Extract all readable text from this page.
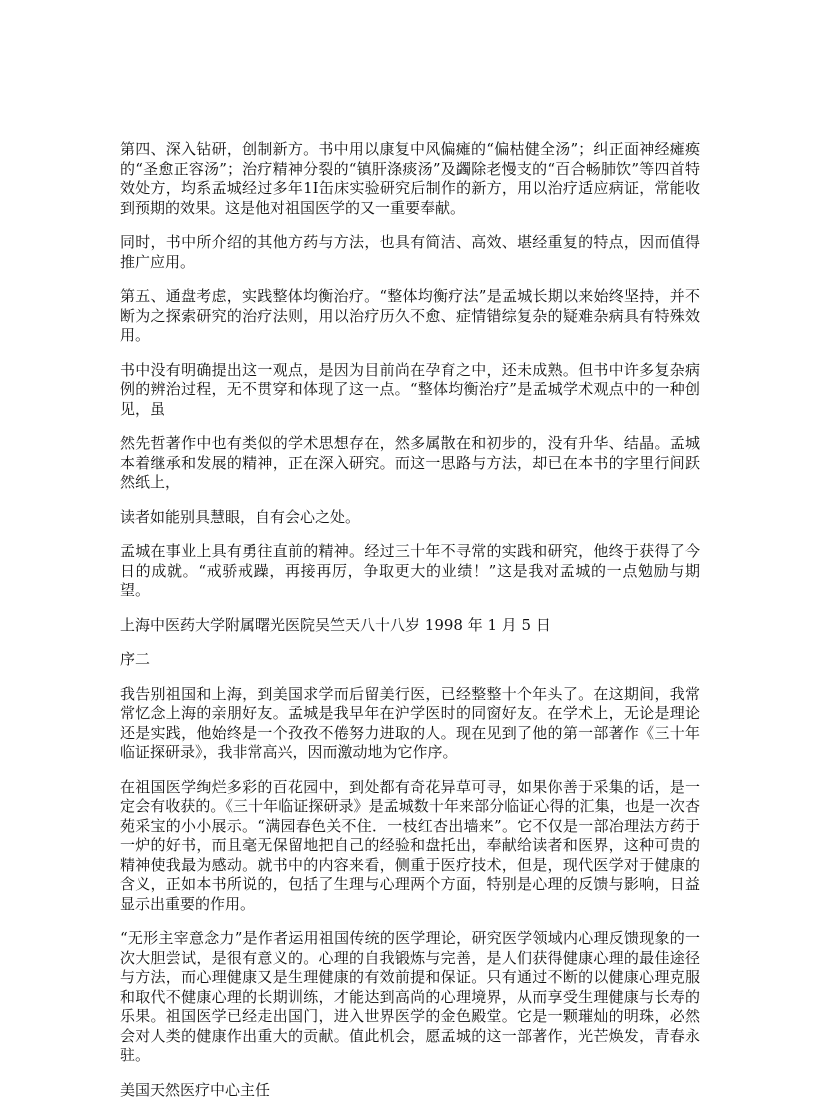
第四、深入钻研，创制新方。书中用以康复中风偏瘫的“偏枯健全汤”；纠正面神经瘫痪的“圣愈正容汤”；治疗精神分裂的“镇肝涤痰汤”及蠲除老慢支的“百合畅肺饮”等四首特效处方，均系孟城经过多年1I缶床实验研究后制作的新方，用以治疗适应病证，常能收到预期的效果。这是他对祖国医学的又一重要奉献。

同时，书中所介绍的其他方药与方法，也具有简洁、高效、堪经重复的特点，因而值得推广应用。

第五、通盘考虑，实践整体均衡治疗。“整体均衡疗法”是孟城长期以来始终坚持，并不断为之探索研究的治疗法则，用以治疗历久不愈、症情错综复杂的疑难杂病具有特殊效用。

书中没有明确提出这一观点，是因为目前尚在孕育之中，还未成熟。但书中许多复杂病例的辨治过程，无不贯穿和体现了这一点。“整体均衡治疗”是孟城学术观点中的一种创见，虽

然先哲著作中也有类似的学术思想存在，然多属散在和初步的，没有升华、结晶。孟城本着继承和发展的精神，正在深入研究。而这一思路与方法，却已在本书的字里行间跃然纸上，

读者如能别具慧眼，自有会心之处。

孟城在事业上具有勇往直前的精神。经过三十年不寻常的实践和研究，他终于获得了今日的成就。“戒骄戒躁，再接再厉，争取更大的业绩！”这是我对孟城的一点勉励与期望。

上海中医药大学附属曙光医院吴竺天八十八岁 1998 年 1 月 5 日

序二

我告别祖国和上海，到美国求学而后留美行医，已经整整十个年头了。在这期间，我常常忆念上海的亲朋好友。孟城是我早年在沪学医时的同窗好友。在学术上，无论是理论还是实践，他始终是一个孜孜不倦努力进取的人。现在见到了他的第一部著作《三十年临证探研录》，我非常高兴，因而激动地为它作序。

在祖国医学绚烂多彩的百花园中，到处都有奇花异草可寻，如果你善于采集的话，是一定会有收获的。《三十年临证探研录》是孟城数十年来部分临证心得的汇集，也是一次杏苑采宝的小小展示。“满园春色关不住．一枝红杏出墙来”。它不仅是一部冶理法方药于一炉的好书，而且毫无保留地把自己的经验和盘托出，奉献给读者和医界，这种可贵的精神使我最为感动。就书中的内容来看，侧重于医疗技术，但是，现代医学对于健康的含义，正如本书所说的，包括了生理与心理两个方面，特别是心理的反馈与影响，日益显示出重要的作用。

“无形主宰意念力”是作者运用祖国传统的医学理论，研究医学领域内心理反馈现象的一次大胆尝试，是很有意义的。心理的自我锻炼与完善，是人们获得健康心理的最佳途径与方法，而心理健康又是生理健康的有效前提和保证。只有通过不断的以健康心理克服和取代不健康心理的长期训练，才能达到高尚的心理境界，从而享受生理健康与长寿的乐果。祖国医学已经走出国门，进入世界医学的金色殿堂。它是一颗璀灿的明珠，必然会对人类的健康作出重大的贡献。值此机会，愿孟城的这一部著作，光芒焕发，青春永驻。

美国天然医疗中心主任
